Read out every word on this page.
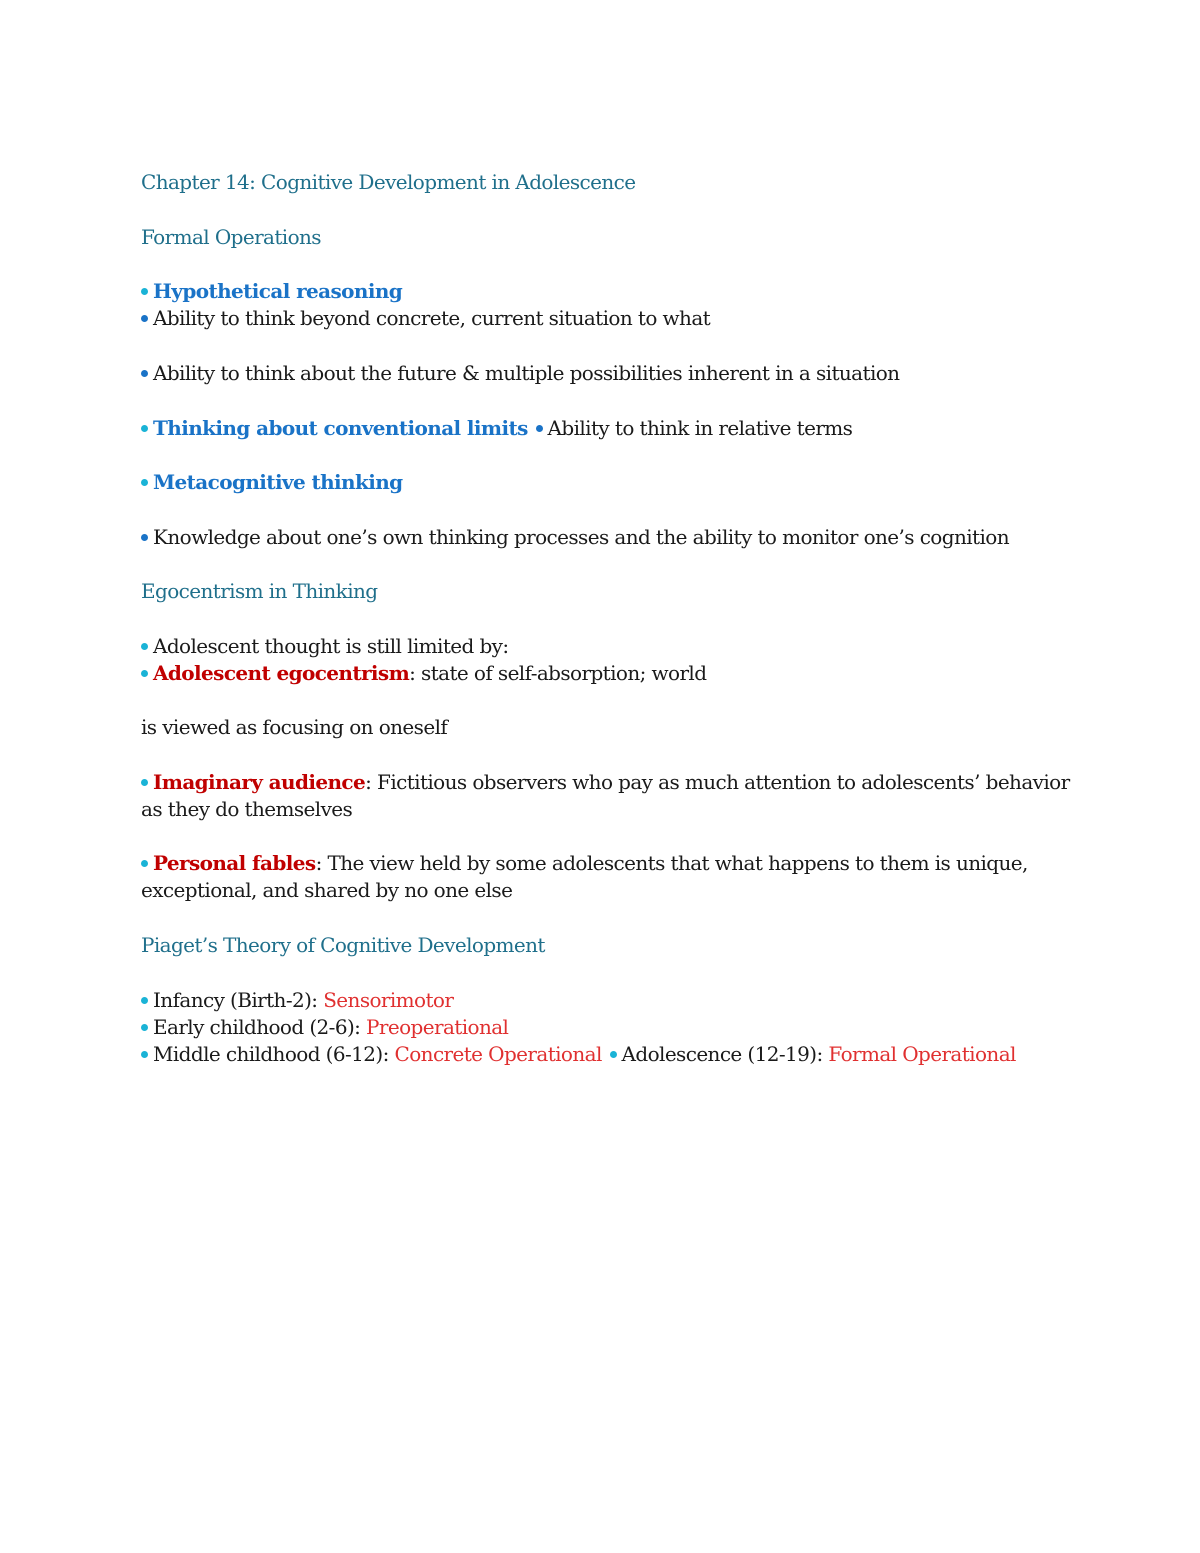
Chapter 14: Cognitive Development in Adolescence
Formal Operations
Hypothetical reasoning
Ability to think beyond concrete, current situation to what
Ability to think about the future & multiple possibilities inherent in a situation
Thinking about conventional limits Ability to think in relative terms
Metacognitive thinking
Knowledge about one’s own thinking processes and the ability to monitor one’s cognition
Egocentrism in Thinking
Adolescent thought is still limited by:
Adolescent egocentrism: state of self-absorption; world
is viewed as focusing on oneself
Imaginary audience: Fictitious observers who pay as much attention to adolescents’ behavior
as they do themselves
Personal fables: The view held by some adolescents that what happens to them is unique,
exceptional, and shared by no one else
Piaget’s Theory of Cognitive Development
Infancy (Birth-2): Sensorimotor
Early childhood (2-6): Preoperational
Middle childhood (6-12): Concrete Operational Adolescence (12-19): Formal Operational
